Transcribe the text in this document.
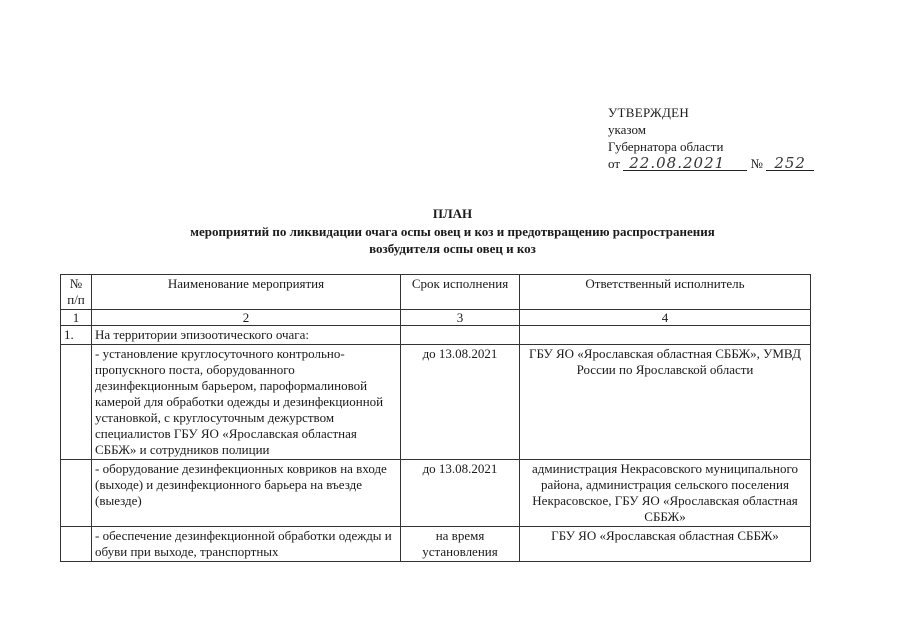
УТВЕРЖДЕН
указом
Губернатора области
от 22.08.2021 № 252
ПЛАН
мероприятий по ликвидации очага оспы овец и коз и предотвращению распространения
возбудителя оспы овец и коз
№ п/п	Наименование мероприятия	Срок исполнения	Ответственный исполнитель
1	2	3	4
1.	На территории эпизоотического очага:		
	- установление круглосуточного контрольно-пропускного поста, оборудованного дезинфекционным барьером, пароформалиновой камерой для обработки одежды и дезинфекционной установкой, с круглосуточным дежурством специалистов ГБУ ЯО «Ярославская областная СББЖ» и сотрудников полиции	до 13.08.2021	ГБУ ЯО «Ярославская областная СББЖ», УМВД России по Ярославской области
	- оборудование дезинфекционных ковриков на входе (выходе) и дезинфекционного барьера на въезде (выезде)	до 13.08.2021	администрация Некрасовского муниципального района, администрация сельского поселения Некрасовское, ГБУ ЯО «Ярославская областная СББЖ»
	- обеспечение дезинфекционной обработки одежды и обуви при выходе, транспортных	на время установления	ГБУ ЯО «Ярославская областная СББЖ»
